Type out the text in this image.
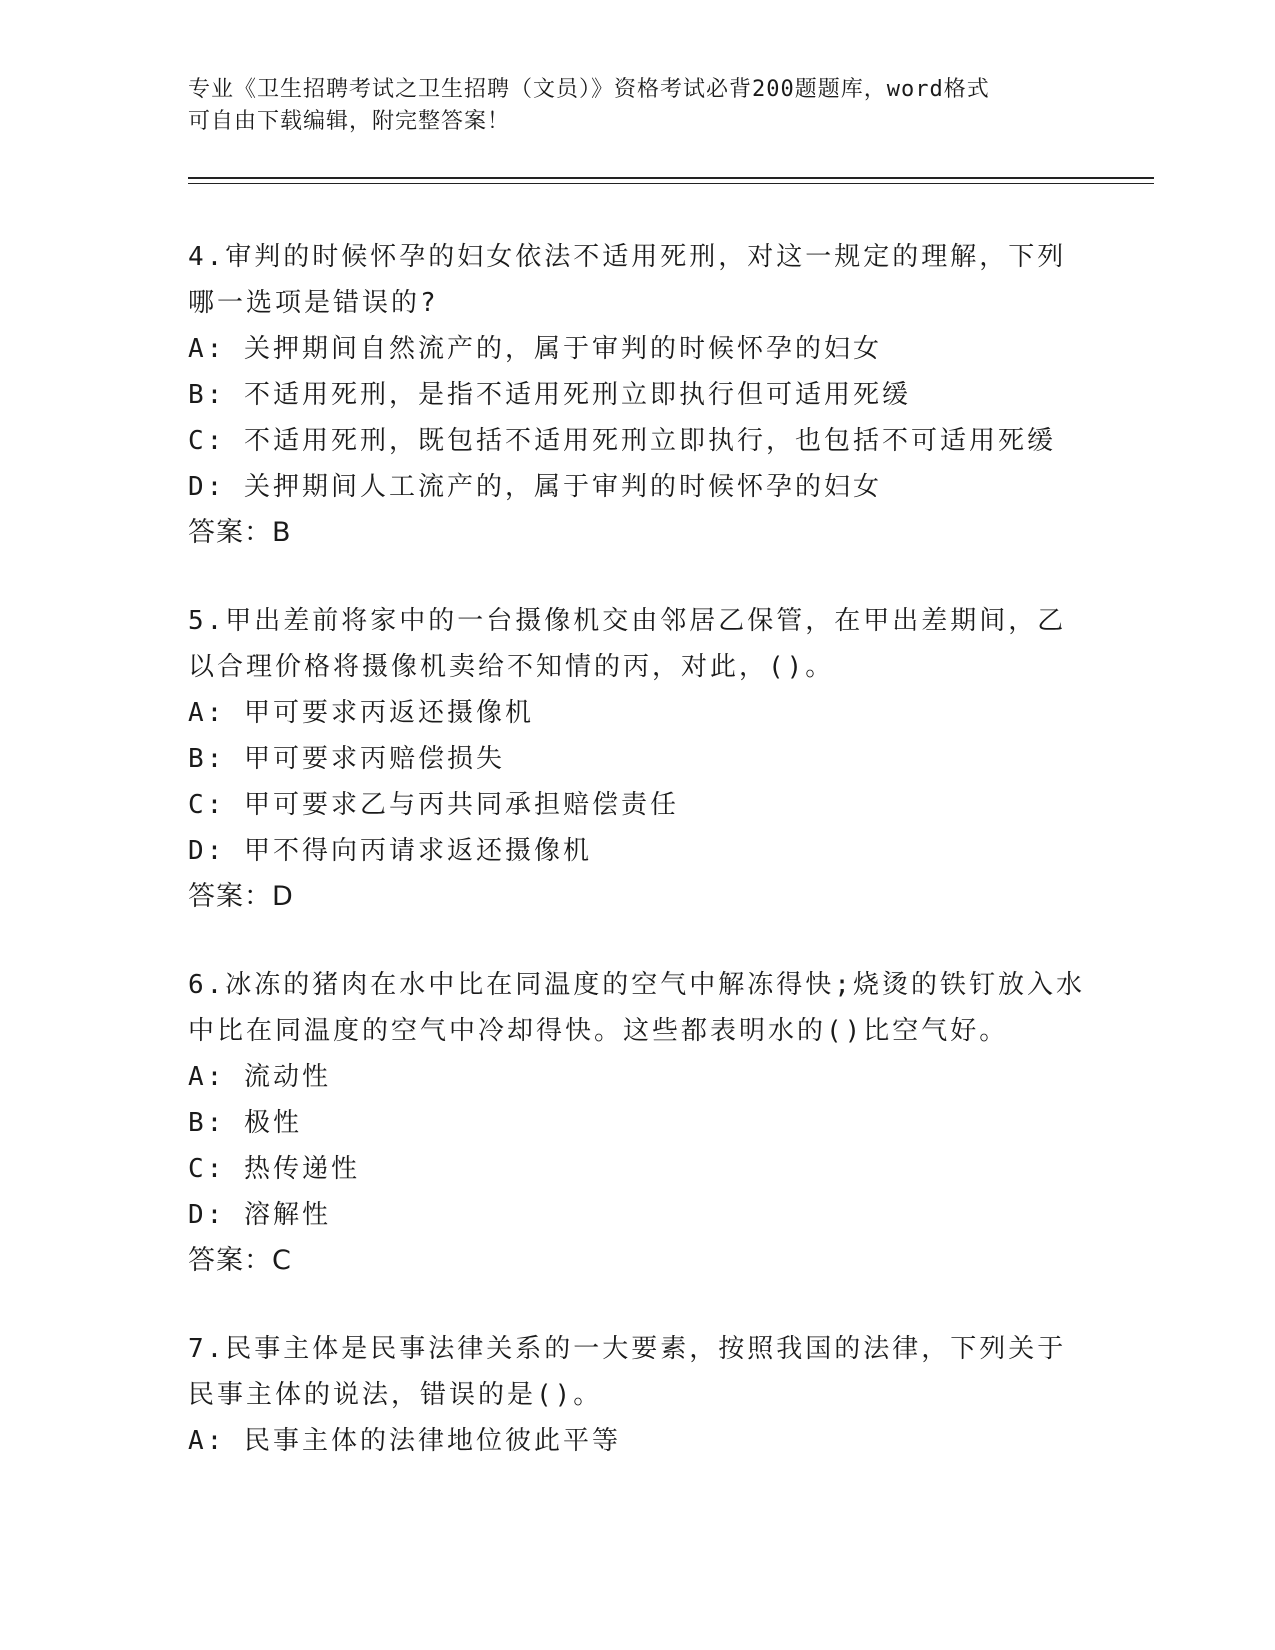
专业《卫生招聘考试之卫生招聘（文员）》资格考试必背200题题库，word格式
可自由下载编辑，附完整答案！
4.审判的时候怀孕的妇女依法不适用死刑，对这一规定的理解，下列
哪一选项是错误的?
A: 关押期间自然流产的，属于审判的时候怀孕的妇女
B: 不适用死刑，是指不适用死刑立即执行但可适用死缓
C: 不适用死刑，既包括不适用死刑立即执行，也包括不可适用死缓
D: 关押期间人工流产的，属于审判的时候怀孕的妇女
答案：B
5.甲出差前将家中的一台摄像机交由邻居乙保管，在甲出差期间，乙
以合理价格将摄像机卖给不知情的丙，对此，()。
A: 甲可要求丙返还摄像机
B: 甲可要求丙赔偿损失
C: 甲可要求乙与丙共同承担赔偿责任
D: 甲不得向丙请求返还摄像机
答案：D
6.冰冻的猪肉在水中比在同温度的空气中解冻得快;烧烫的铁钉放入水
中比在同温度的空气中冷却得快。这些都表明水的()比空气好。
A: 流动性
B: 极性
C: 热传递性
D: 溶解性
答案：C
7.民事主体是民事法律关系的一大要素，按照我国的法律，下列关于
民事主体的说法，错误的是()。
A: 民事主体的法律地位彼此平等
